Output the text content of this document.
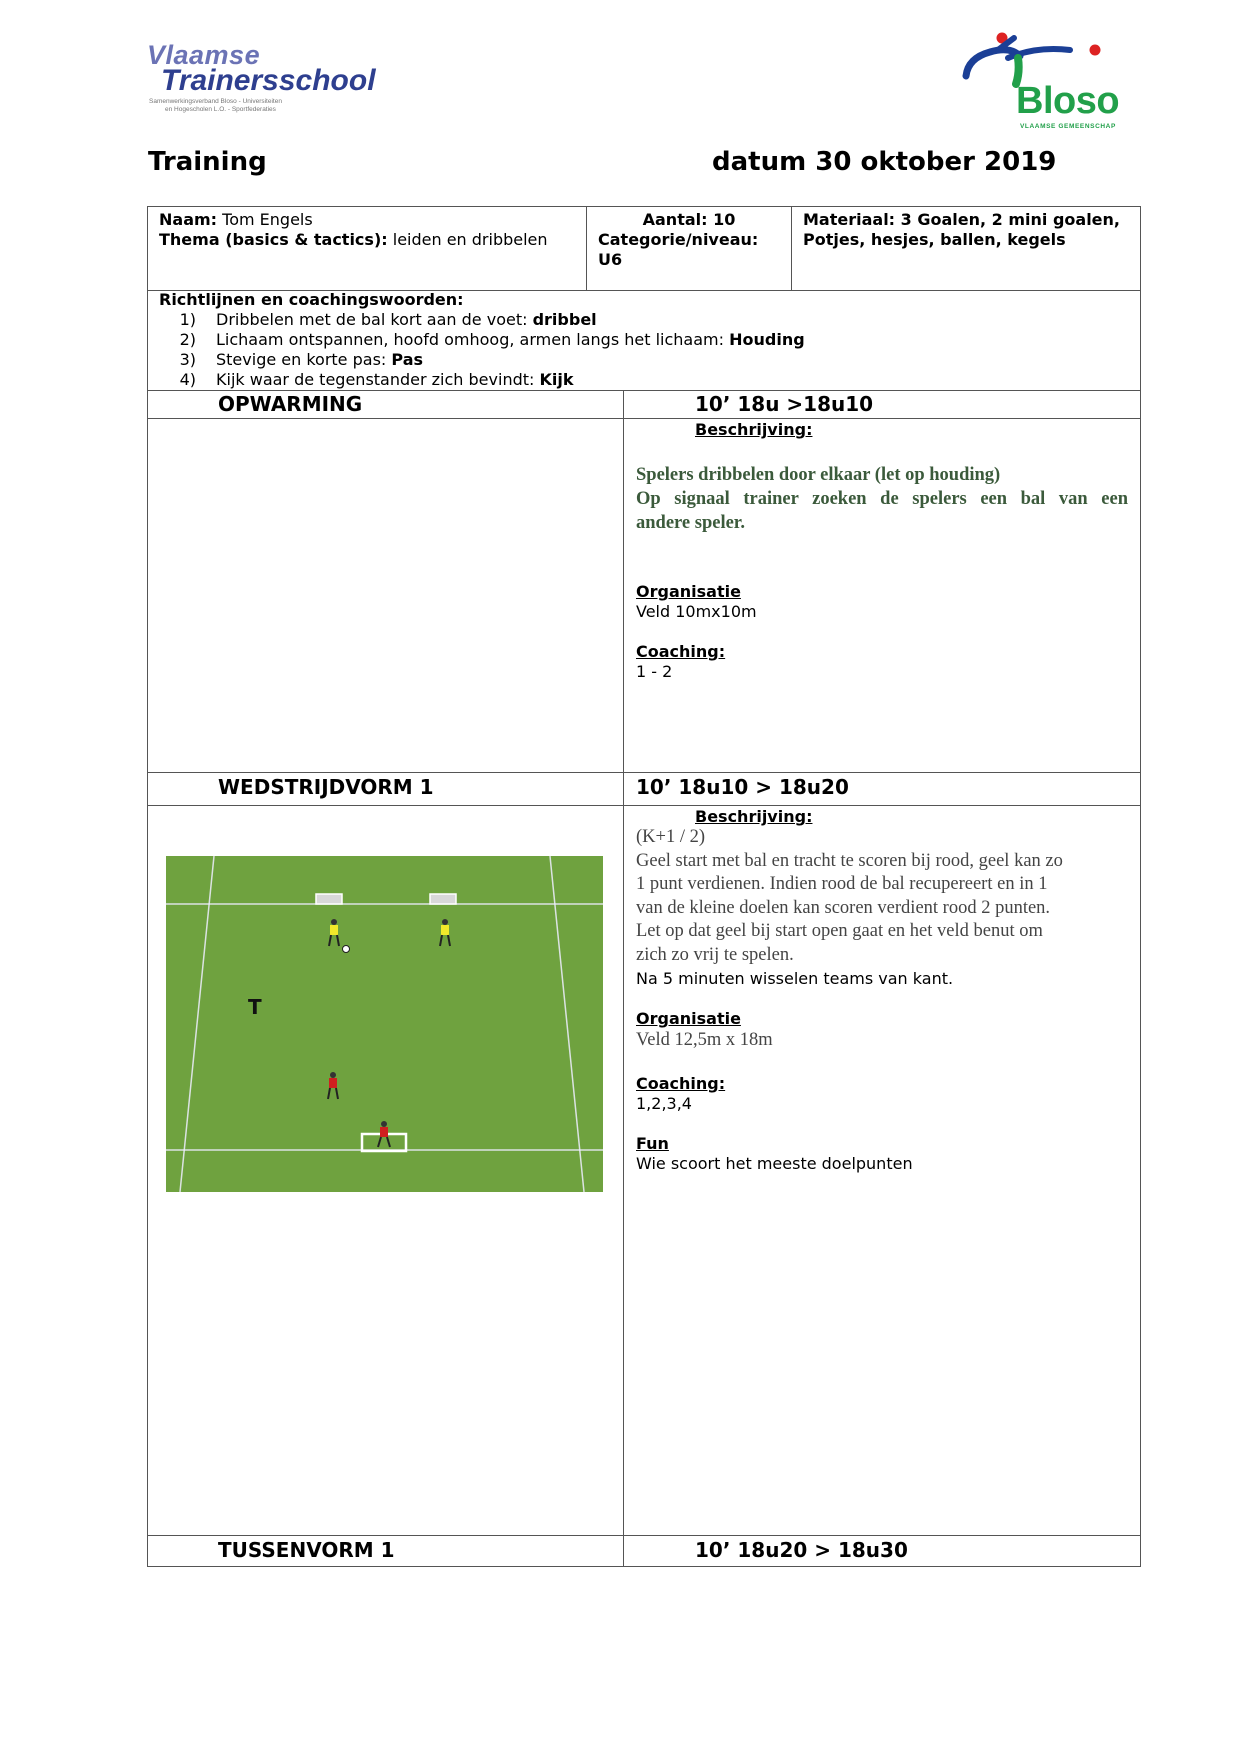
Vlaamse
Trainersschool
Samenwerkingsverband Bloso - Universiteiten
en Hogescholen L.O. - Sportfederaties	Bloso
VLAAMSE GEMEENSCHAP
Training	datum 30 oktober 2019
Naam: Tom Engels
Thema (basics & tactics): leiden en dribbelen
Aantal: 10
Categorie/niveau:
U6
Materiaal: 3 Goalen, 2 mini goalen,
Potjes, hesjes, ballen, kegels
Richtlijnen en coachingswoorden:
1) Dribbelen met de bal kort aan de voet: dribbel
2) Lichaam ontspannen, hoofd omhoog, armen langs het lichaam: Houding
3) Stevige en korte pas: Pas
4) Kijk waar de tegenstander zich bevindt: Kijk
OPWARMING	10’ 18u >18u10
Beschrijving:
Spelers dribbelen door elkaar (let op houding)
Op signaal trainer zoeken de spelers een bal van een
andere speler.
Organisatie
Veld 10mx10m
Coaching:
1 - 2
WEDSTRIJDVORM 1	10’ 18u10 > 18u20
Beschrijving:
(K+1 / 2)
Geel start met bal en tracht te scoren bij rood, geel kan zo
1 punt verdienen. Indien rood de bal recupereert en in 1
van de kleine doelen kan scoren verdient rood 2 punten.
Let op dat geel bij start open gaat en het veld benut om
zich zo vrij te spelen.
Na 5 minuten wisselen teams van kant.
Organisatie
Veld 12,5m x 18m
Coaching:
1,2,3,4
Fun
Wie scoort het meeste doelpunten
T
TUSSENVORM 1	10’ 18u20 > 18u30
